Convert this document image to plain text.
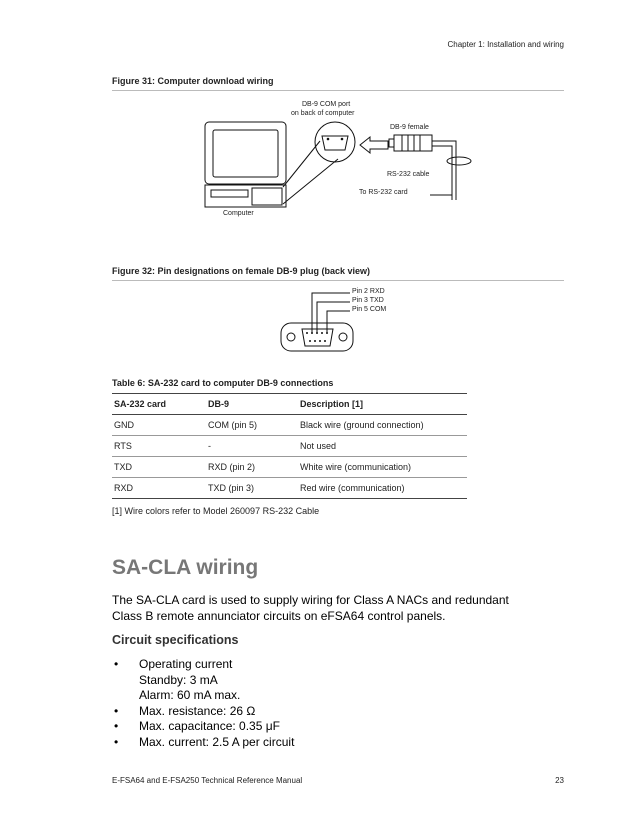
Chapter 1: Installation and wiring
Figure 31: Computer download wiring
DB-9 COM port
on back of computer
DB-9 female
RS-232 cable
To RS-232 card
Computer
Figure 32: Pin designations on female DB-9 plug (back view)
Pin 2 RXD
Pin 3 TXD
Pin 5 COM
Table 6: SA-232 card to computer DB-9 connections
SA-232 card	DB-9	Description [1]
GND	COM (pin 5)	Black wire (ground connection)
RTS	-	Not used
TXD	RXD (pin 2)	White wire (communication)
RXD	TXD (pin 3)	Red wire (communication)
[1] Wire colors refer to Model 260097 RS-232 Cable
SA-CLA wiring
The SA-CLA card is used to supply wiring for Class A NACs and redundant
Class B remote annunciator circuits on eFSA64 control panels.
Circuit specifications
• Operating current
Standby: 3 mA
Alarm: 60 mA max.
• Max. resistance: 26 Ω
• Max. capacitance: 0.35 μF
• Max. current: 2.5 A per circuit
E-FSA64 and E-FSA250 Technical Reference Manual	23
